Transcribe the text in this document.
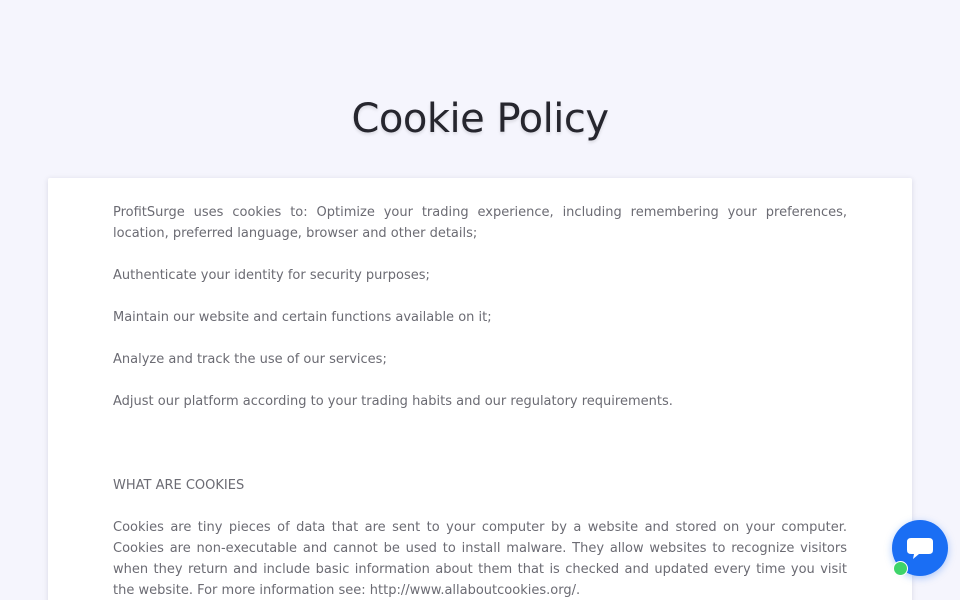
Cookie Policy

ProfitSurge uses cookies to: Optimize your trading experience, including remembering your preferences, location, preferred language, browser and other details;

Authenticate your identity for security purposes;

Maintain our website and certain functions available on it;

Analyze and track the use of our services;

Adjust our platform according to your trading habits and our regulatory requirements.

WHAT ARE COOKIES

Cookies are tiny pieces of data that are sent to your computer by a website and stored on your computer. Cookies are non-executable and cannot be used to install malware. They allow websites to recognize visitors when they return and include basic information about them that is checked and updated every time you visit the website. For more information see: http://www.allaboutcookies.org/.
